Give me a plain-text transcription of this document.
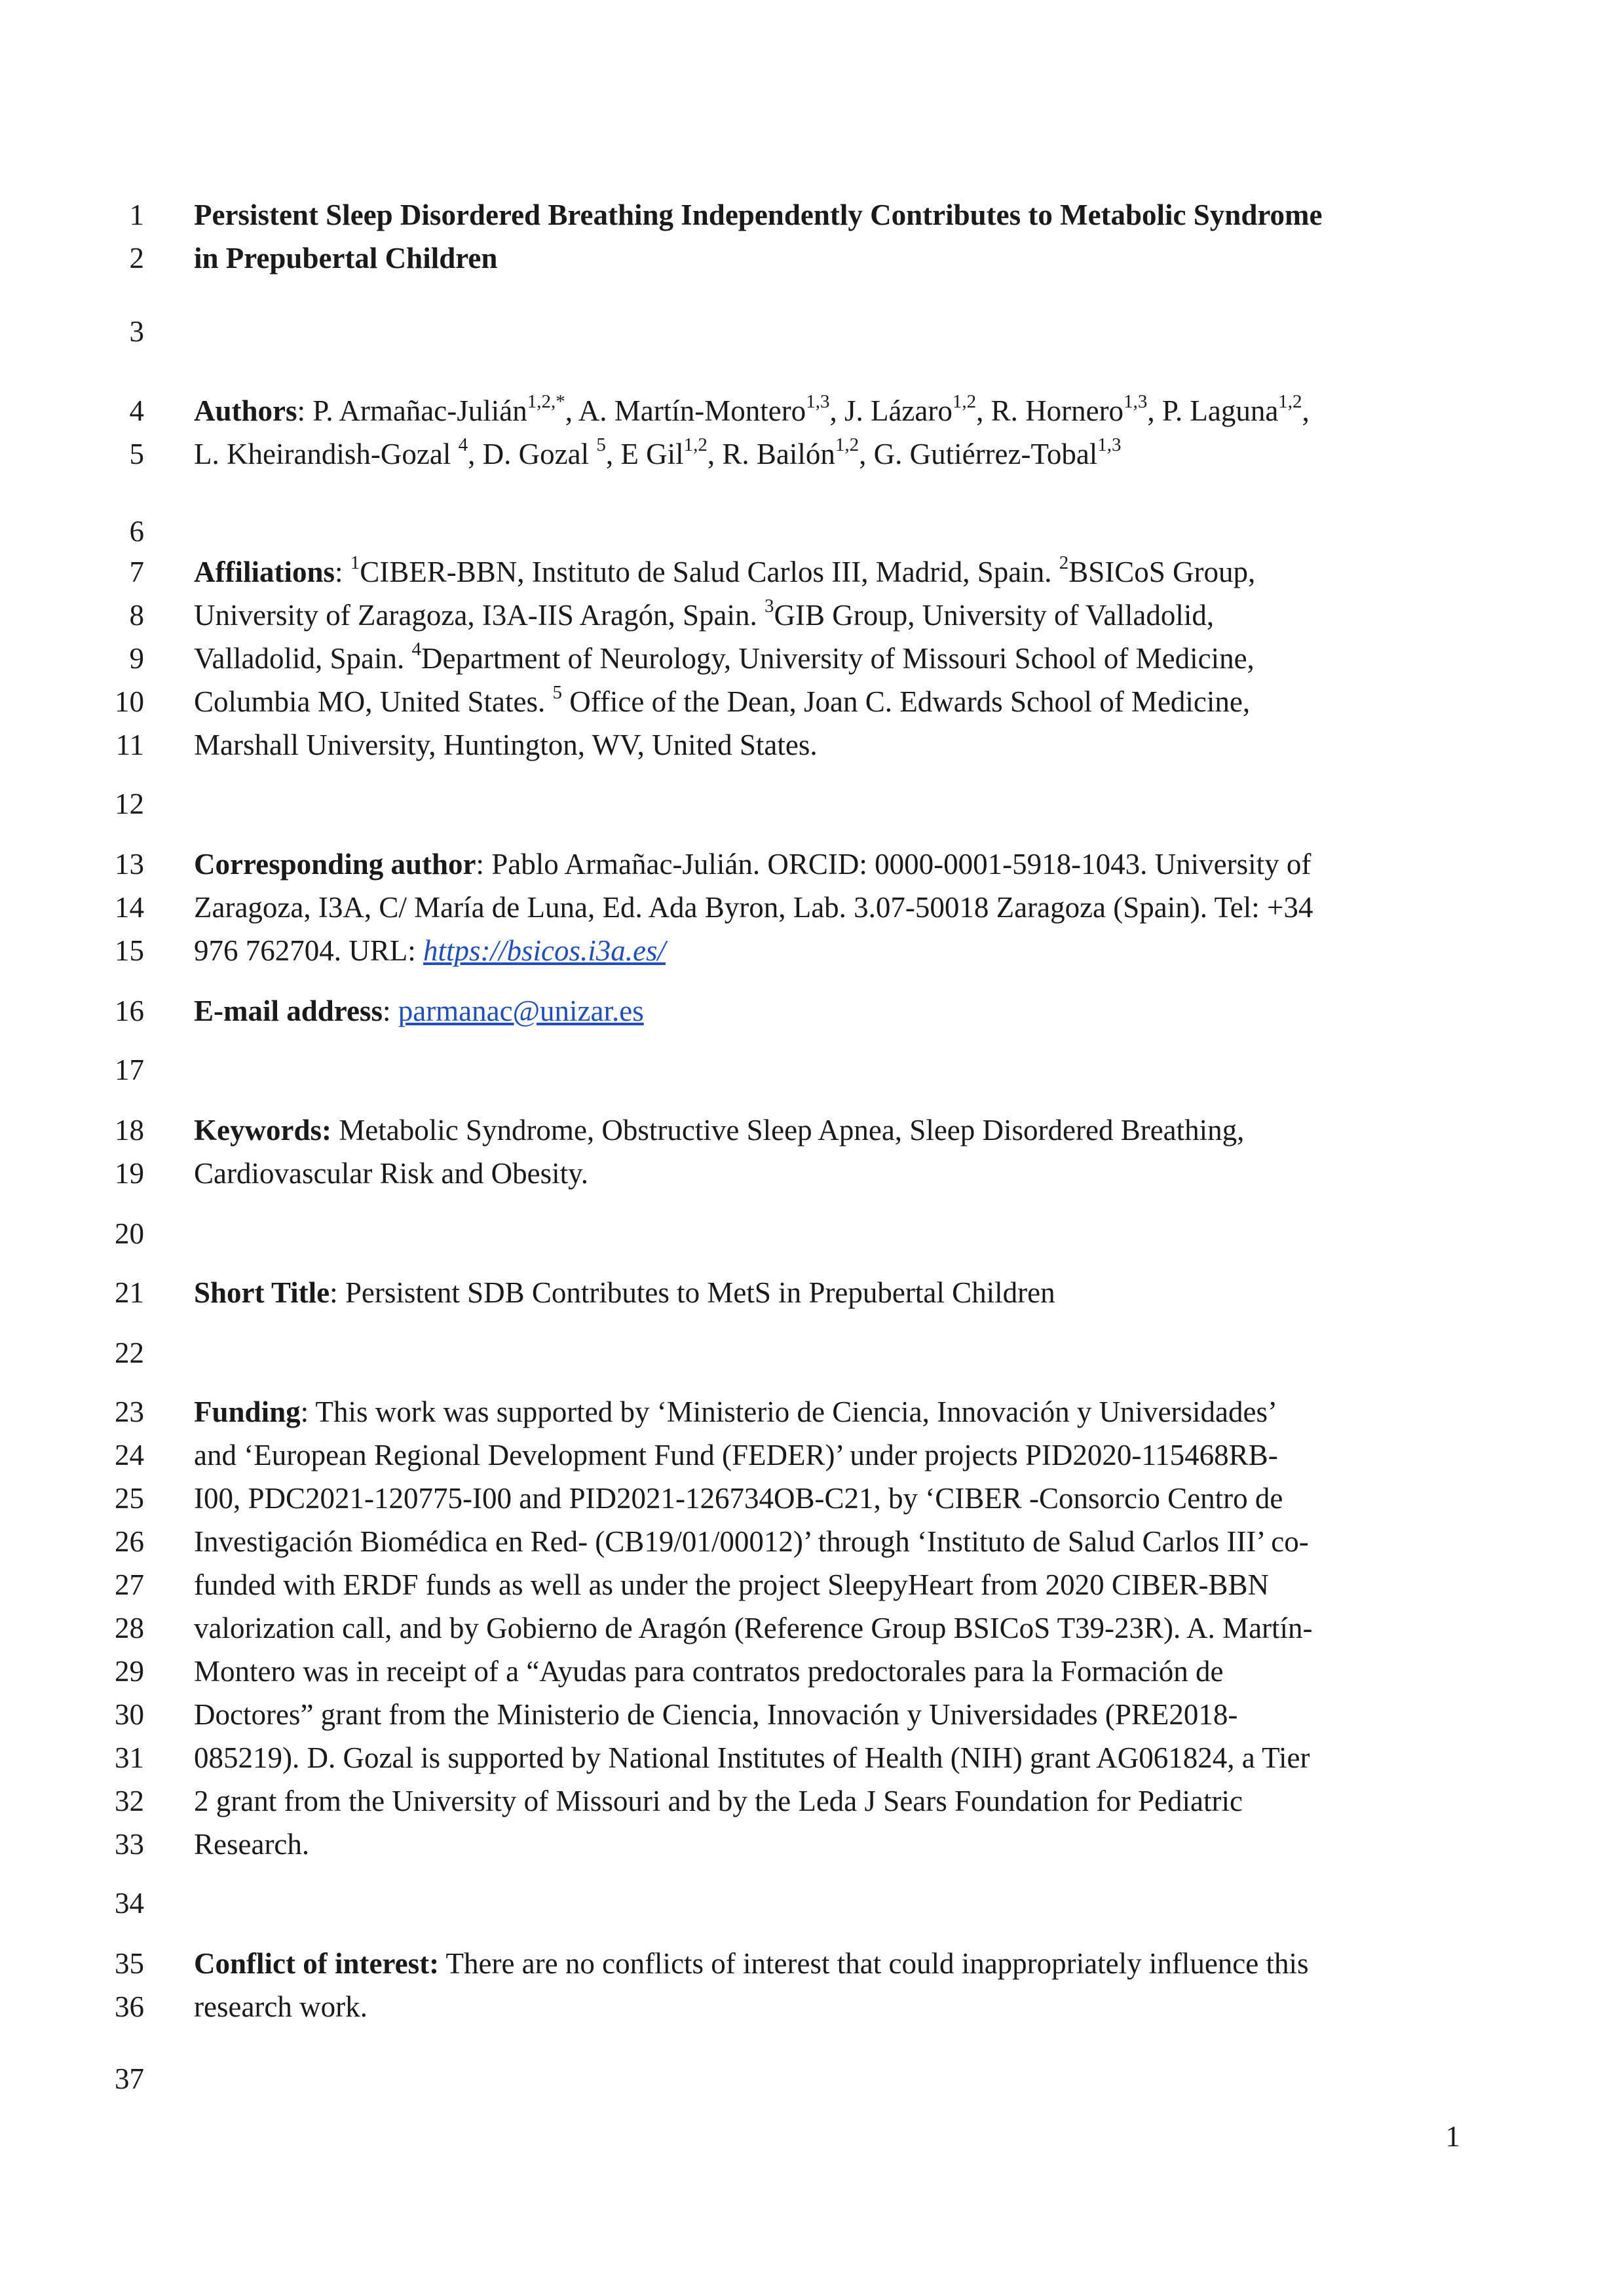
1
2
3
4
5
6
7
8
9
10
11
12
13
14
15
16
17
18
19
20
21
22
23
24
25
26
27
28
29
30
31
32
33
34
35
36
37
Persistent Sleep Disordered Breathing Independently Contributes to Metabolic Syndrome
in Prepubertal Children
Authors: P. Armañac-Julián$^{1,2,*}$, A. Martín-Montero$^{1,3}$, J. Lázaro$^{1,2}$, R. Hornero$^{1,3}$, P. Laguna$^{1,2}$,
L. Kheirandish-Gozal $^4$, D. Gozal $^5$, E Gil$^{1,2}$, R. Bailón$^{1,2}$, G. Gutiérrez-Tobal$^{1,3}$
Affiliations: $^1$CIBER-BBN, Instituto de Salud Carlos III, Madrid, Spain. $^2$BSICoS Group,
University of Zaragoza, I3A-IIS Aragón, Spain. $^3$GIB Group, University of Valladolid,
Valladolid, Spain. $^4$Department of Neurology, University of Missouri School of Medicine,
Columbia MO, United States. $^5$ Office of the Dean, Joan C. Edwards School of Medicine,
Marshall University, Huntington, WV, United States.
Corresponding author: Pablo Armañac-Julián. ORCID: 0000-0001-5918-1043. University of
Zaragoza, I3A, C/ María de Luna, Ed. Ada Byron, Lab. 3.07-50018 Zaragoza (Spain). Tel: +34
976 762704. URL: https://bsicos.i3a.es/
E-mail address: parmanac@unizar.es
Keywords: Metabolic Syndrome, Obstructive Sleep Apnea, Sleep Disordered Breathing,
Cardiovascular Risk and Obesity.
Short Title: Persistent SDB Contributes to MetS in Prepubertal Children
Funding: This work was supported by ‘Ministerio de Ciencia, Innovación y Universidades’
and ‘European Regional Development Fund (FEDER)’ under projects PID2020-115468RB-
I00, PDC2021-120775-I00 and PID2021-126734OB-C21, by ‘CIBER -Consorcio Centro de
Investigación Biomédica en Red- (CB19/01/00012)’ through ‘Instituto de Salud Carlos III’ co-
funded with ERDF funds as well as under the project SleepyHeart from 2020 CIBER-BBN
valorization call, and by Gobierno de Aragón (Reference Group BSICoS T39-23R). A. Martín-
Montero was in receipt of a “Ayudas para contratos predoctorales para la Formación de
Doctores” grant from the Ministerio de Ciencia, Innovación y Universidades (PRE2018-
085219). D. Gozal is supported by National Institutes of Health (NIH) grant AG061824, a Tier
2 grant from the University of Missouri and by the Leda J Sears Foundation for Pediatric
Research.
Conflict of interest: There are no conflicts of interest that could inappropriately influence this
research work.
1
